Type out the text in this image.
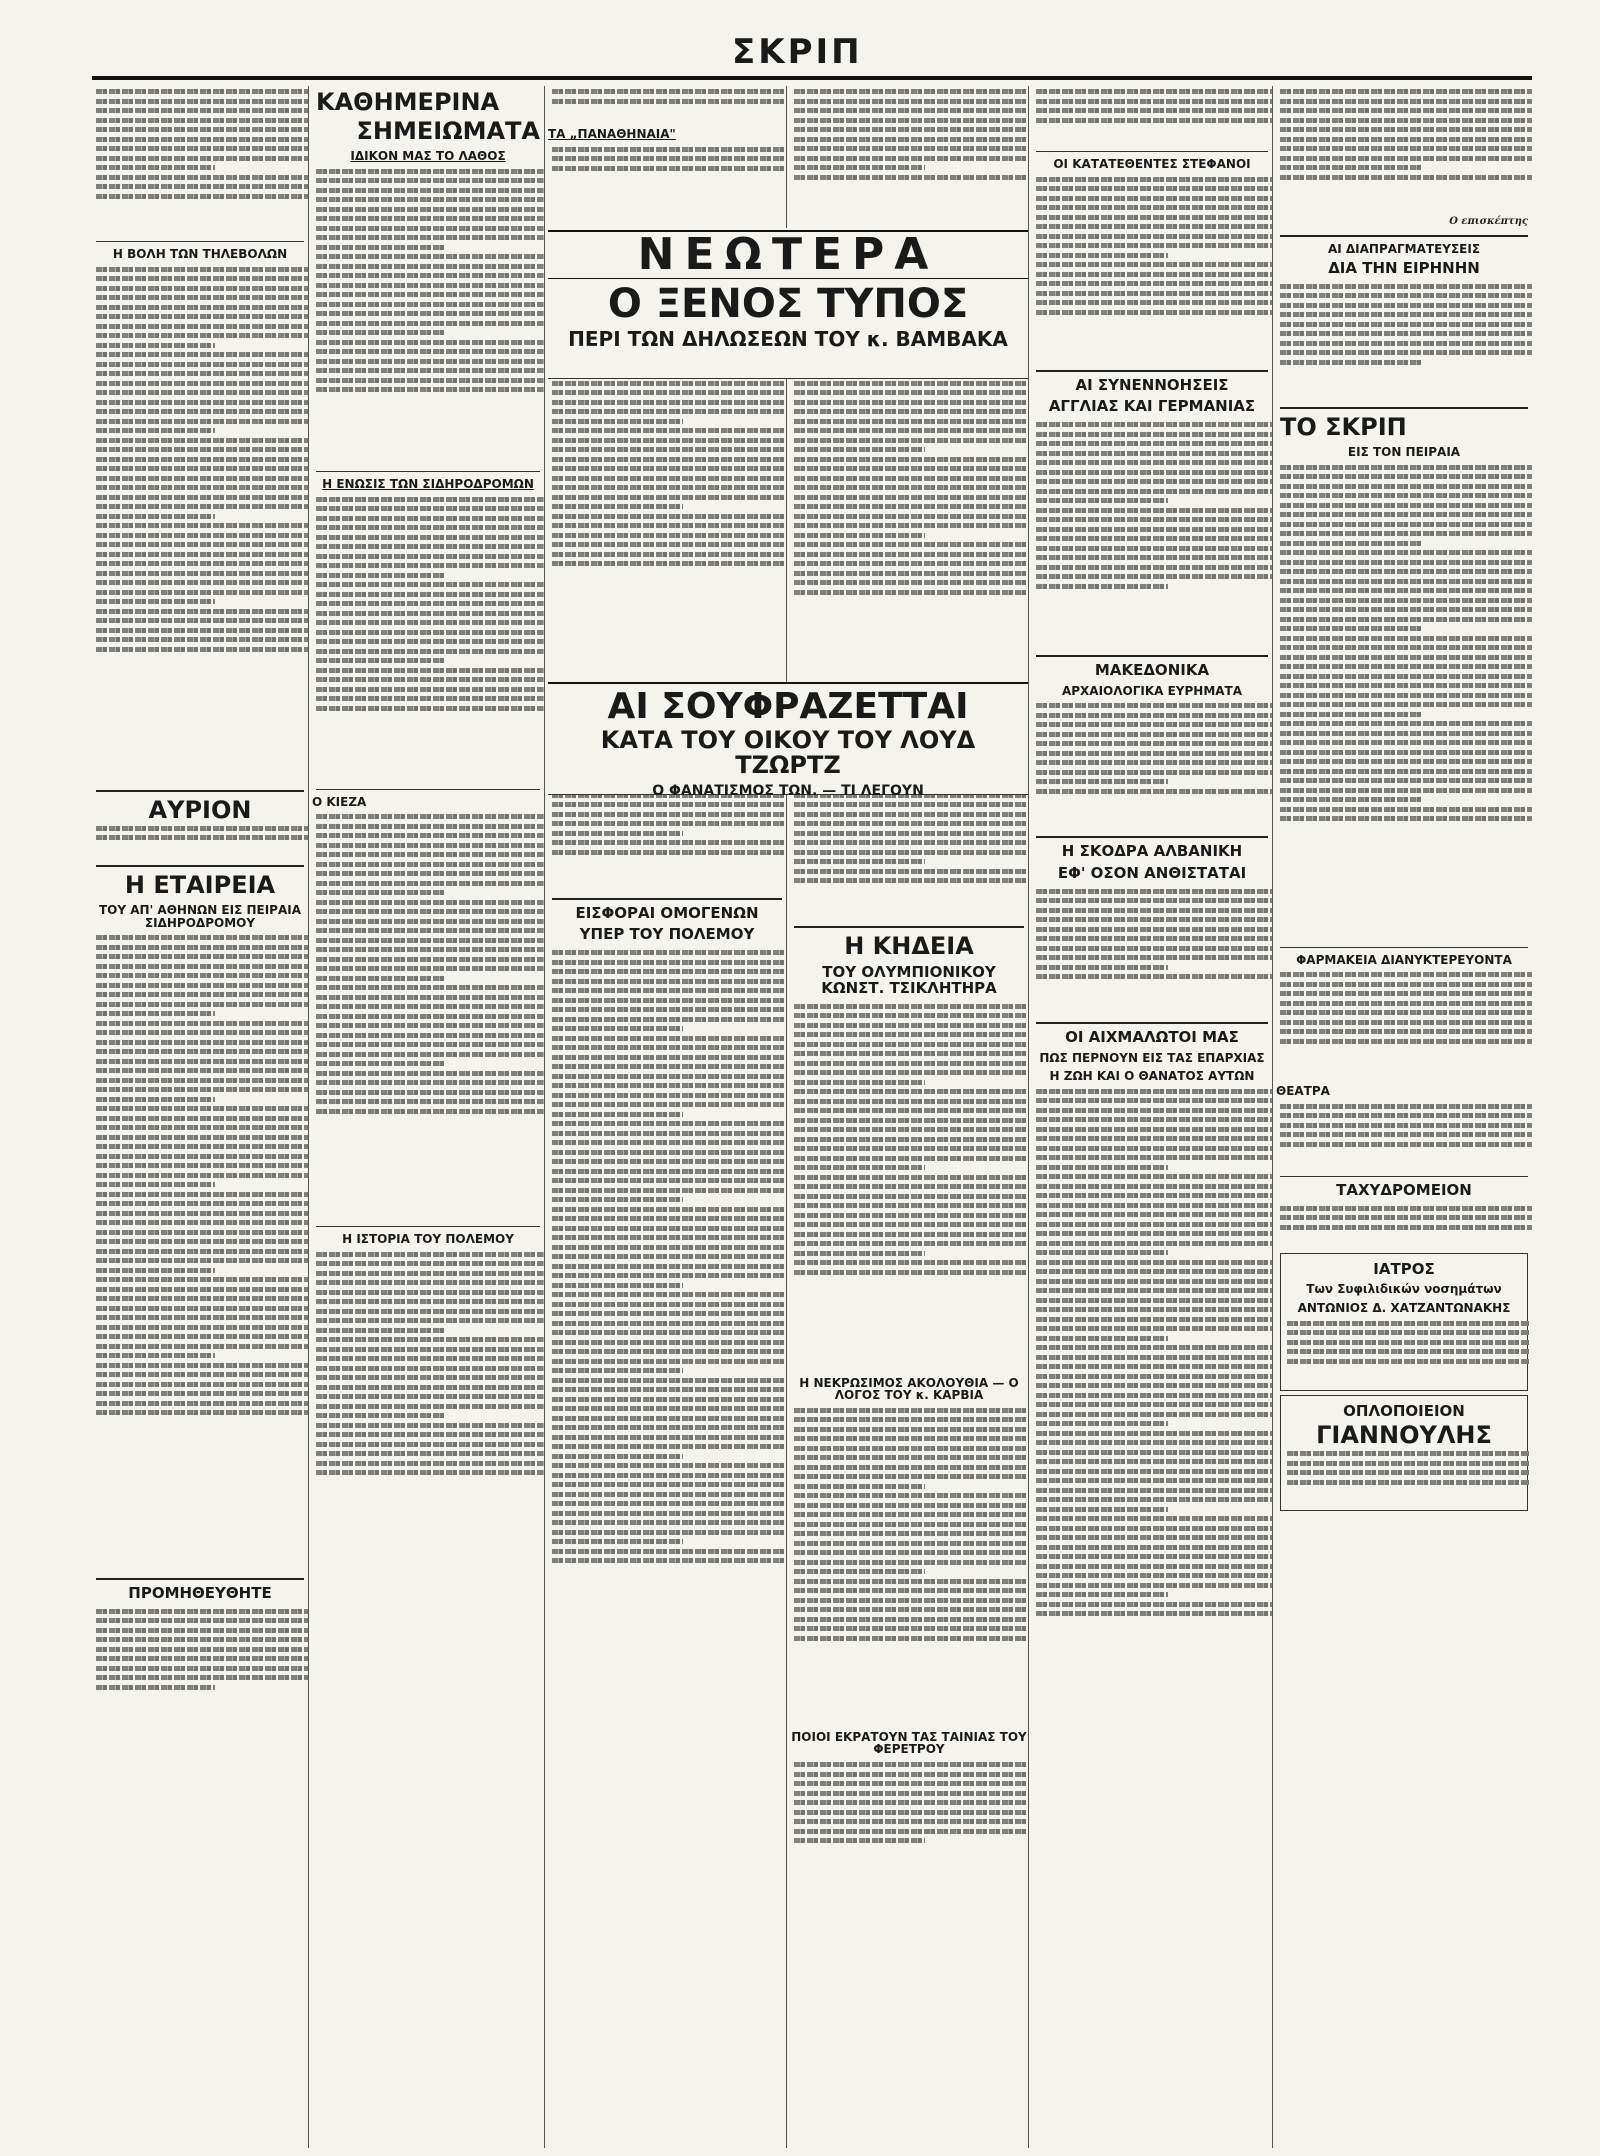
ΣΚΡΙΠ

Η ΒΟΛΗ ΤΩΝ ΤΗΛΕΒΟΛΩΝ

ΑΥΡΙΟΝ

Η ΕΤΑΙΡΕΙΑ

ΤΟΥ ΑΠ' ΑΘΗΝΩΝ ΕΙΣ ΠΕΙΡΑΙΑ ΣΙΔΗΡΟΔΡΟΜΟΥ

ΠΡΟΜΗΘΕΥΘΗΤΕ

ΚΑΘΗΜΕΡΙΝΑ

ΣΗΜΕΙΩΜΑΤΑ

ΙΔΙΚΟΝ ΜΑΣ ΤΟ ΛΑΘΟΣ

Η ΕΝΩΣΙΣ ΤΩΝ ΣΙΔΗΡΟΔΡΟΜΩΝ

Ο ΚΙΕΖΑ

Η ΙΣΤΟΡΙΑ ΤΟΥ ΠΟΛΕΜΟΥ

ΤΑ „ΠΑΝΑΘΗΝΑΙΑ"

ΕΙΣΦΟΡΑΙ ΟΜΟΓΕΝΩΝ

ΥΠΕΡ ΤΟΥ ΠΟΛΕΜΟΥ	Η ΚΗΔΕΙΑ

ΤΟΥ ΟΛΥΜΠΙΟΝΙΚΟΥ ΚΩΝΣΤ. ΤΣΙΚΛΗΤΗΡΑ

Η ΝΕΚΡΩΣΙΜΟΣ ΑΚΟΛΟΥΘΙΑ — Ο ΛΟΓΟΣ ΤΟΥ κ. ΚΑΡΒΙΑ

ΠΟΙΟΙ ΕΚΡΑΤΟΥΝ ΤΑΣ ΤΑΙΝΙΑΣ ΤΟΥ ΦΕΡΕΤΡΟΥ

ΟΙ ΚΑΤΑΤΕΘΕΝΤΕΣ ΣΤΕΦΑΝΟΙ

ΑΙ ΣΥΝΕΝΝΟΗΣΕΙΣ

ΑΓΓΛΙΑΣ ΚΑΙ ΓΕΡΜΑΝΙΑΣ

ΜΑΚΕΔΟΝΙΚΑ

ΑΡΧΑΙΟΛΟΓΙΚΑ ΕΥΡΗΜΑΤΑ

Η ΣΚΟΔΡΑ ΑΛΒΑΝΙΚΗ

ΕΦ' ΟΣΟΝ ΑΝΘΙΣΤΑΤΑΙ

ΟΙ ΑΙΧΜΑΛΩΤΟΙ ΜΑΣ

ΠΩΣ ΠΕΡΝΟΥΝ ΕΙΣ ΤΑΣ ΕΠΑΡΧΙΑΣ

Η ΖΩΗ ΚΑΙ Ο ΘΑΝΑΤΟΣ ΑΥΤΩΝ

Ο επισκέπτης

ΑΙ ΔΙΑΠΡΑΓΜΑΤΕΥΣΕΙΣ

ΔΙΑ ΤΗΝ ΕΙΡΗΝΗΝ

ΤΟ ΣΚΡΙΠ

ΕΙΣ ΤΟΝ ΠΕΙΡΑΙΑ

ΦΑΡΜΑΚΕΙΑ ΔΙΑΝΥΚΤΕΡΕΥΟΝΤΑ

ΘΕΑΤΡΑ

ΤΑΧΥΔΡΟΜΕΙΟΝ

ΙΑΤΡΟΣ

Των Συφιλιδικών νοσημάτων

ΑΝΤΩΝΙΟΣ Δ. ΧΑΤΖΑΝΤΩΝΑΚΗΣ

ΟΠΛΟΠΟΙΕΙΟΝ

ΓΙΑΝΝΟΥΛΗΣ

ΝΕΩΤΕΡΑ

Ο ΞΕΝΟΣ ΤΥΠΟΣ

ΠΕΡΙ ΤΩΝ ΔΗΛΩΣΕΩΝ ΤΟΥ κ. ΒΑΜΒΑΚΑ

ΑΙ ΣΟΥΦΡΑΖΕΤΤΑΙ

ΚΑΤΑ ΤΟΥ ΟΙΚΟΥ ΤΟΥ ΛΟΥΔ ΤΖΩΡΤΖ

Ο ΦΑΝΑΤΙΣΜΟΣ ΤΩΝ. — ΤΙ ΛΕΓΟΥΝ
